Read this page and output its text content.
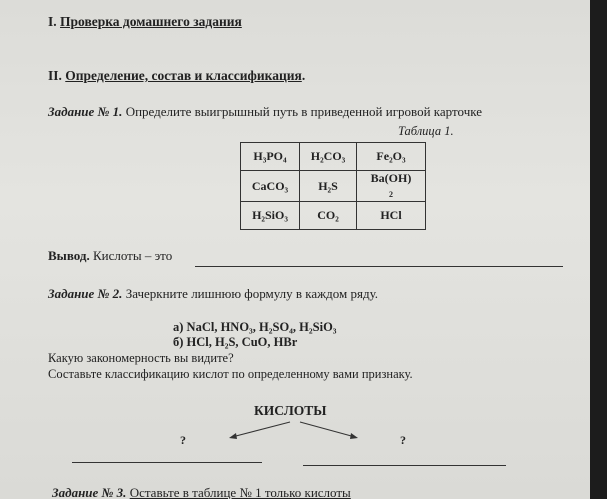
I. Проверка домашнего задания
II. Определение, состав и классификация.
Задание № 1. Определите выигрышный путь в приведенной игровой карточке
Таблица 1.
H₃PO₄	H₂CO₃	Fe₂O₃
CaCO₃	H₂S	Ba(OH)
2
H₂SiO₃	CO₂	HCl
Вывод. Кислоты – это
Задание № 2. Зачеркните лишнюю формулу в каждом ряду.
а) NaCl, HNO₃, H₂SO₄, H₂SiO₃
б) HCl, H₂S, CuO, HBr
Какую закономерность вы видите?
Составьте классификацию кислот по определенному вами признаку.
КИСЛОТЫ
?	?
Задание № 3. Оставьте в таблице № 1 только кислоты
